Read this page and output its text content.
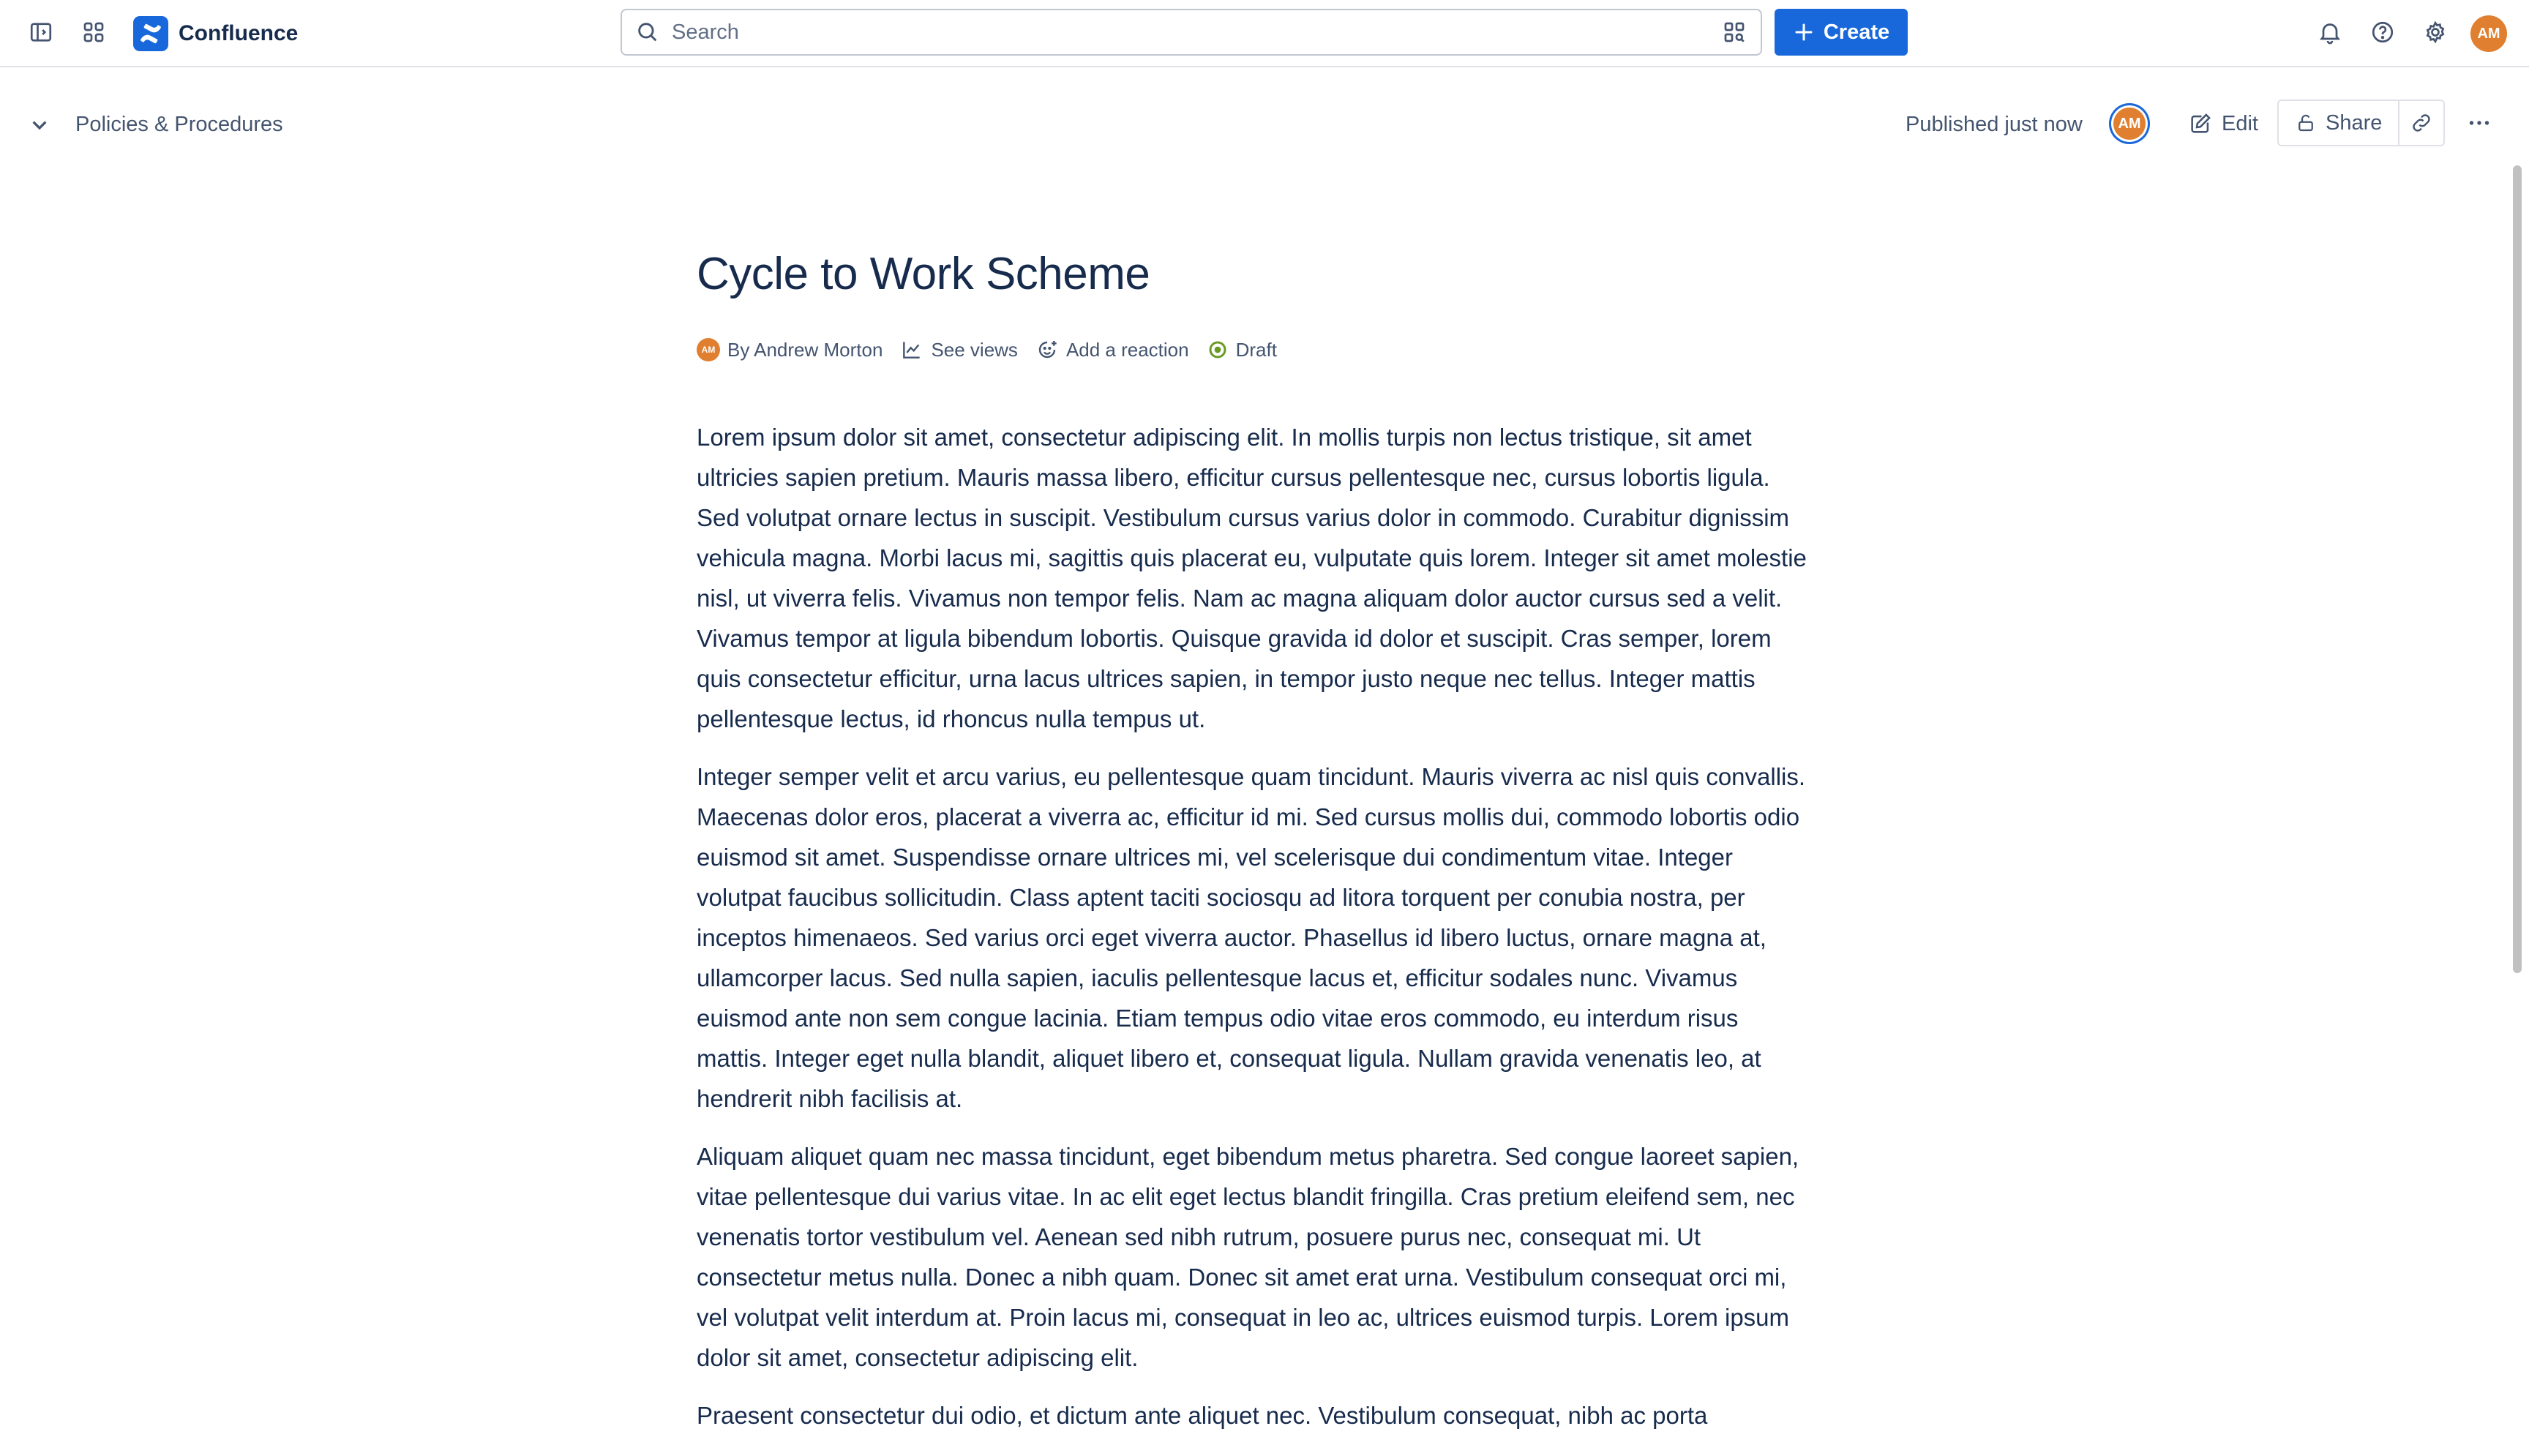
Confluence	Search	Create	AM
Policies & Procedures	Published just now	AM	Edit	Share
Cycle to Work Scheme
AM By Andrew Morton	See views	Add a reaction Draft

Lorem ipsum dolor sit amet, consectetur adipiscing elit. In mollis turpis non lectus tristique, sit amet ultricies sapien pretium. Mauris massa libero, efficitur cursus pellentesque nec, cursus lobortis ligula. Sed volutpat ornare lectus in suscipit. Vestibulum cursus varius dolor in commodo. Curabitur dignissim vehicula magna. Morbi lacus mi, sagittis quis placerat eu, vulputate quis lorem. Integer sit amet molestie nisl, ut viverra felis. Vivamus non tempor felis. Nam ac magna aliquam dolor auctor cursus sed a velit. Vivamus tempor at ligula bibendum lobortis. Quisque gravida id dolor et suscipit. Cras semper, lorem quis consectetur efficitur, urna lacus ultrices sapien, in tempor justo neque nec tellus. Integer mattis pellentesque lectus, id rhoncus nulla tempus ut.

Integer semper velit et arcu varius, eu pellentesque quam tincidunt. Mauris viverra ac nisl quis convallis. Maecenas dolor eros, placerat a viverra ac, efficitur id mi. Sed cursus mollis dui, commodo lobortis odio euismod sit amet. Suspendisse ornare ultrices mi, vel scelerisque dui condimentum vitae. Integer volutpat faucibus sollicitudin. Class aptent taciti sociosqu ad litora torquent per conubia nostra, per inceptos himenaeos. Sed varius orci eget viverra auctor. Phasellus id libero luctus, ornare magna at, ullamcorper lacus. Sed nulla sapien, iaculis pellentesque lacus et, efficitur sodales nunc. Vivamus euismod ante non sem congue lacinia. Etiam tempus odio vitae eros commodo, eu interdum risus mattis. Integer eget nulla blandit, aliquet libero et, consequat ligula. Nullam gravida venenatis leo, at hendrerit nibh facilisis at.

Aliquam aliquet quam nec massa tincidunt, eget bibendum metus pharetra. Sed congue laoreet sapien, vitae pellentesque dui varius vitae. In ac elit eget lectus blandit fringilla. Cras pretium eleifend sem, nec venenatis tortor vestibulum vel. Aenean sed nibh rutrum, posuere purus nec, consequat mi. Ut consectetur metus nulla. Donec a nibh quam. Donec sit amet erat urna. Vestibulum consequat orci mi, vel volutpat velit interdum at. Proin lacus mi, consequat in leo ac, ultrices euismod turpis. Lorem ipsum dolor sit amet, consectetur adipiscing elit.

Praesent consectetur dui odio, et dictum ante aliquet nec. Vestibulum consequat, nibh ac porta
